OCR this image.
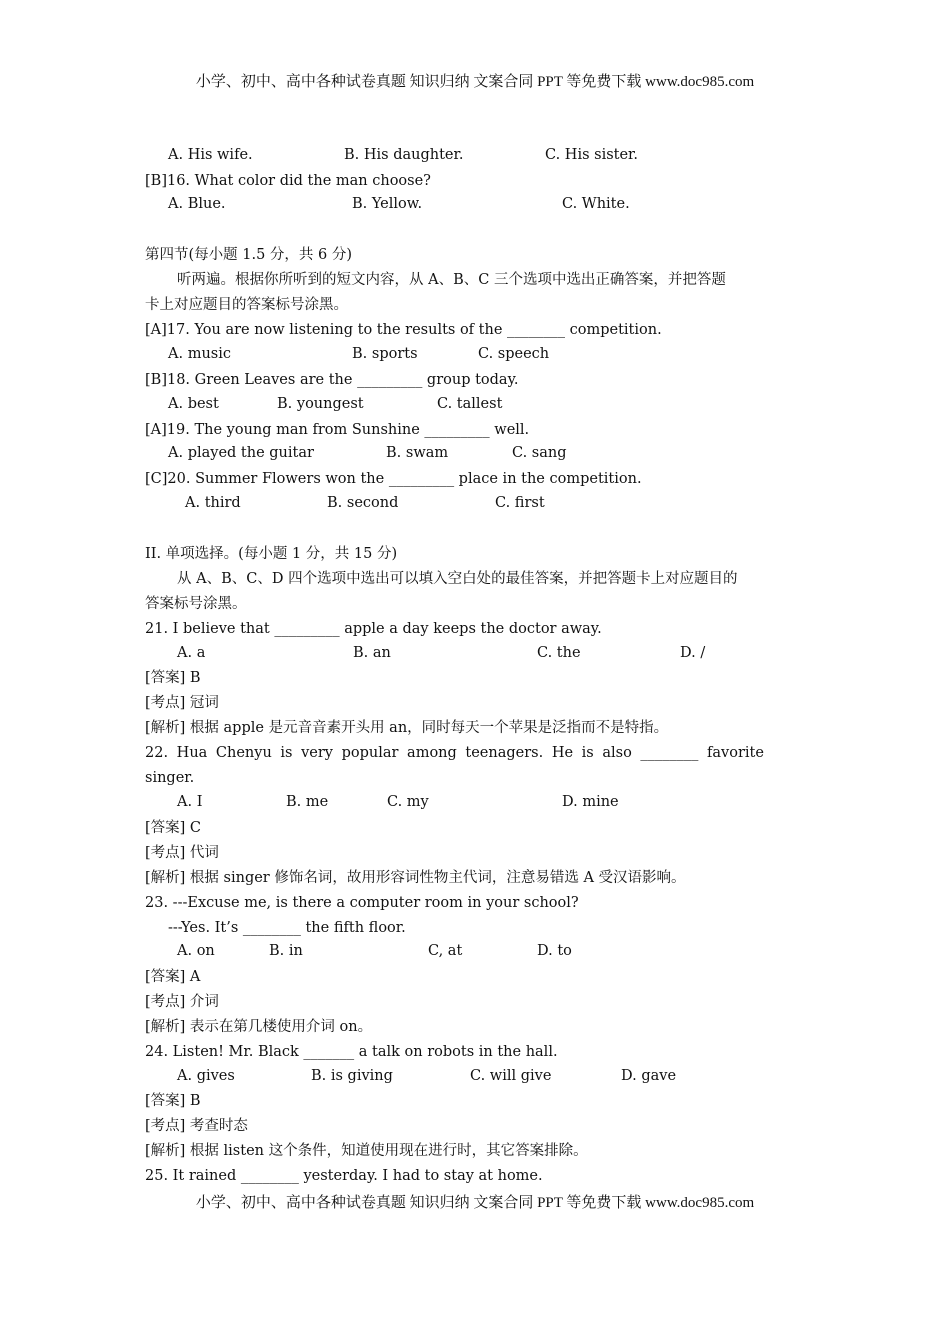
小学、初中、高中各种试卷真题 知识归纳 文案合同 PPT 等免费下载 www.doc985.com
A. His wife.	B. His daughter.	C. His sister.
[B]16. What color did the man choose?
A. Blue.	B. Yellow.	C. White.
第四节(每小题 1.5 分，共 6 分)
听两遍。根据你所听到的短文内容，从 A、B、C 三个选项中选出正确答案，并把答题
卡上对应题目的答案标号涂黑。
[A]17. You are now listening to the results of the ________ competition.
A. music	B. sports	C. speech
[B]18. Green Leaves are the _________ group today.
A. best	B. youngest	C. tallest
[A]19. The young man from Sunshine _________ well.
A. played the guitar	B. swam	C. sang
[C]20. Summer Flowers won the _________ place in the competition.
A. third	B. second	C. first
II. 单项选择。(每小题 1 分，共 15 分)
从 A、B、C、D 四个选项中选出可以填入空白处的最佳答案，并把答题卡上对应题目的
答案标号涂黑。
21. I believe that _________ apple a day keeps the doctor away.
A. a	B. an	C. the	D. /
[答案] B
[考点] 冠词
[解析] 根据 apple 是元音音素开头用 an，同时每天一个苹果是泛指而不是特指。
22. Hua Chenyu is very popular among teenagers. He is also ________ favorite
singer.
A. I	B. me	C. my	D. mine
[答案] C
[考点] 代词
[解析] 根据 singer 修饰名词，故用形容词性物主代词，注意易错选 A 受汉语影响。
23. ---Excuse me, is there a computer room in your school?
---Yes. It’s ________ the fifth floor.
A. on	B. in	C, at	D. to
[答案] A
[考点] 介词
[解析] 表示在第几楼使用介词 on。
24. Listen! Mr. Black _______ a talk on robots in the hall.
A. gives	B. is giving	C. will give	D. gave
[答案] B
[考点] 考查时态
[解析] 根据 listen 这个条件，知道使用现在进行时，其它答案排除。
25. It rained ________ yesterday. I had to stay at home.
小学、初中、高中各种试卷真题 知识归纳 文案合同 PPT 等免费下载 www.doc985.com
